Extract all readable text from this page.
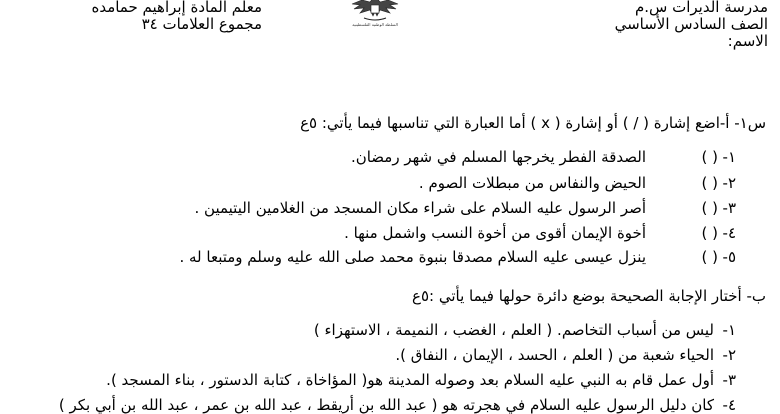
مدرسة الديرات س.م
الصف السادس الأساسي
الاسم:
معلم المادة إبراهيم حمامده
مجموع العلامات ٣٤	السلطة الوطنية الفلسطينية
س١- أ-اضع إشارة ( / ) أو إشارة ( x ) أما العبارة التي تناسبها فيما يأتي: ٥ع
١-
( )
الصدقة الفطر يخرجها المسلم في شهر رمضان.
٢-
( )
الحيض والنفاس من مبطلات الصوم .
٣-
( )
أصر الرسول عليه السلام على شراء مكان المسجد من الغلامين اليتيمين .
٤-
( )
أخوة الإيمان أقوى من أخوة النسب واشمل منها .
٥-
( )
ينزل عيسى عليه السلام مصدقا بنبوة محمد صلى الله عليه وسلم ومتبعا له .
ب- أختار الإجابة الصحيحة بوضع دائرة حولها فيما يأتي :٥ع
١-
ليس من أسباب التخاصم. ( العلم ، الغضب ، النميمة ، الاستهزاء )
٢-
الحياء شعبة من ( العلم ، الحسد ، الإيمان ، النفاق ).
٣-
أول عمل قام به النبي عليه السلام بعد وصوله المدينة هو( المؤاخاة ، كتابة الدستور ، بناء المسجد ).
٤-
كان دليل الرسول عليه السلام في هجرته هو ( عبد الله بن أريقط ، عبد الله بن عمر ، عبد الله بن أبي بكر )
